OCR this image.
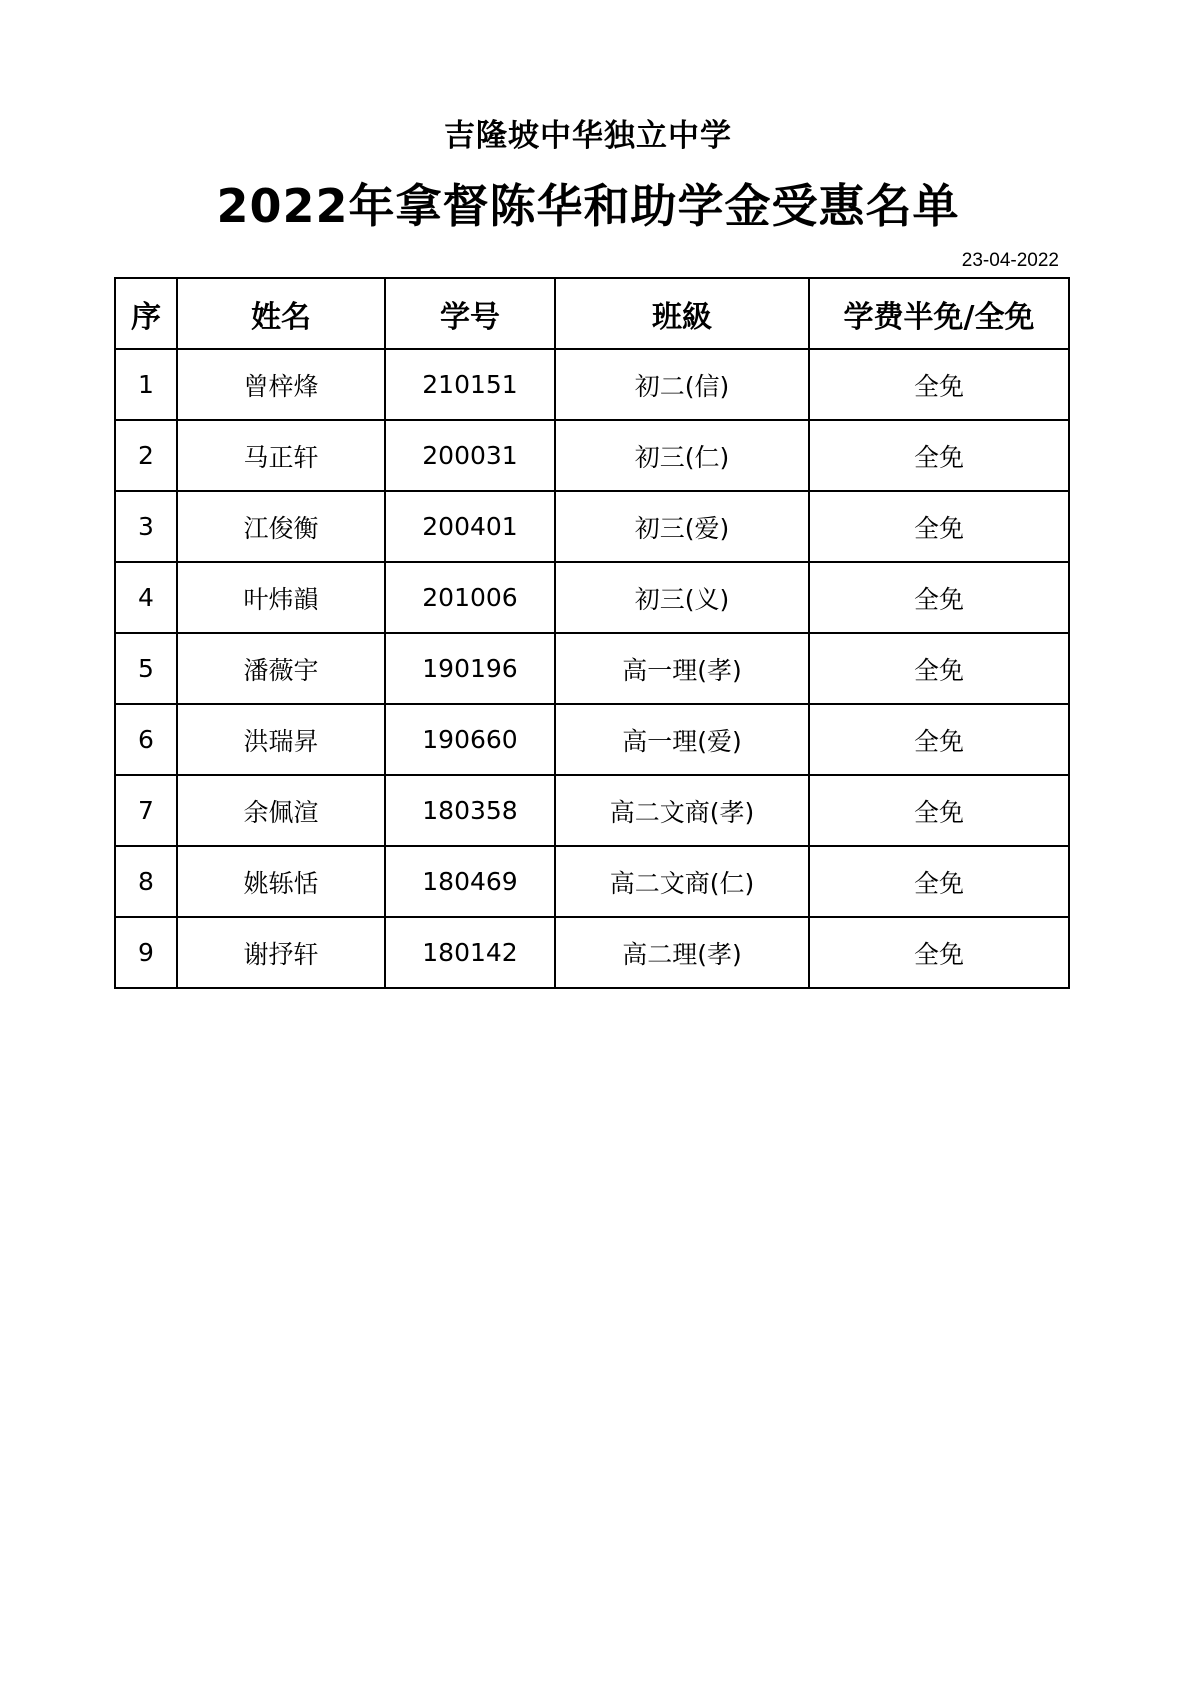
吉隆坡中华独立中学
2022年拿督陈华和助学金受惠名单
23-04-2022
序	姓名	学号	班級	学费半免/全免
1	曾梓烽	210151	初二(信)	全免
2	马正轩	200031	初三(仁)	全免
3	江俊衡	200401	初三(爱)	全免
4	叶炜韻	201006	初三(义)	全免
5	潘薇宇	190196	高一理(孝)	全免
6	洪瑞昇	190660	高一理(爱)	全免
7	余佩渲	180358	高二文商(孝)	全免
8	姚轹恬	180469	高二文商(仁)	全免
9	谢抒轩	180142	高二理(孝)	全免
